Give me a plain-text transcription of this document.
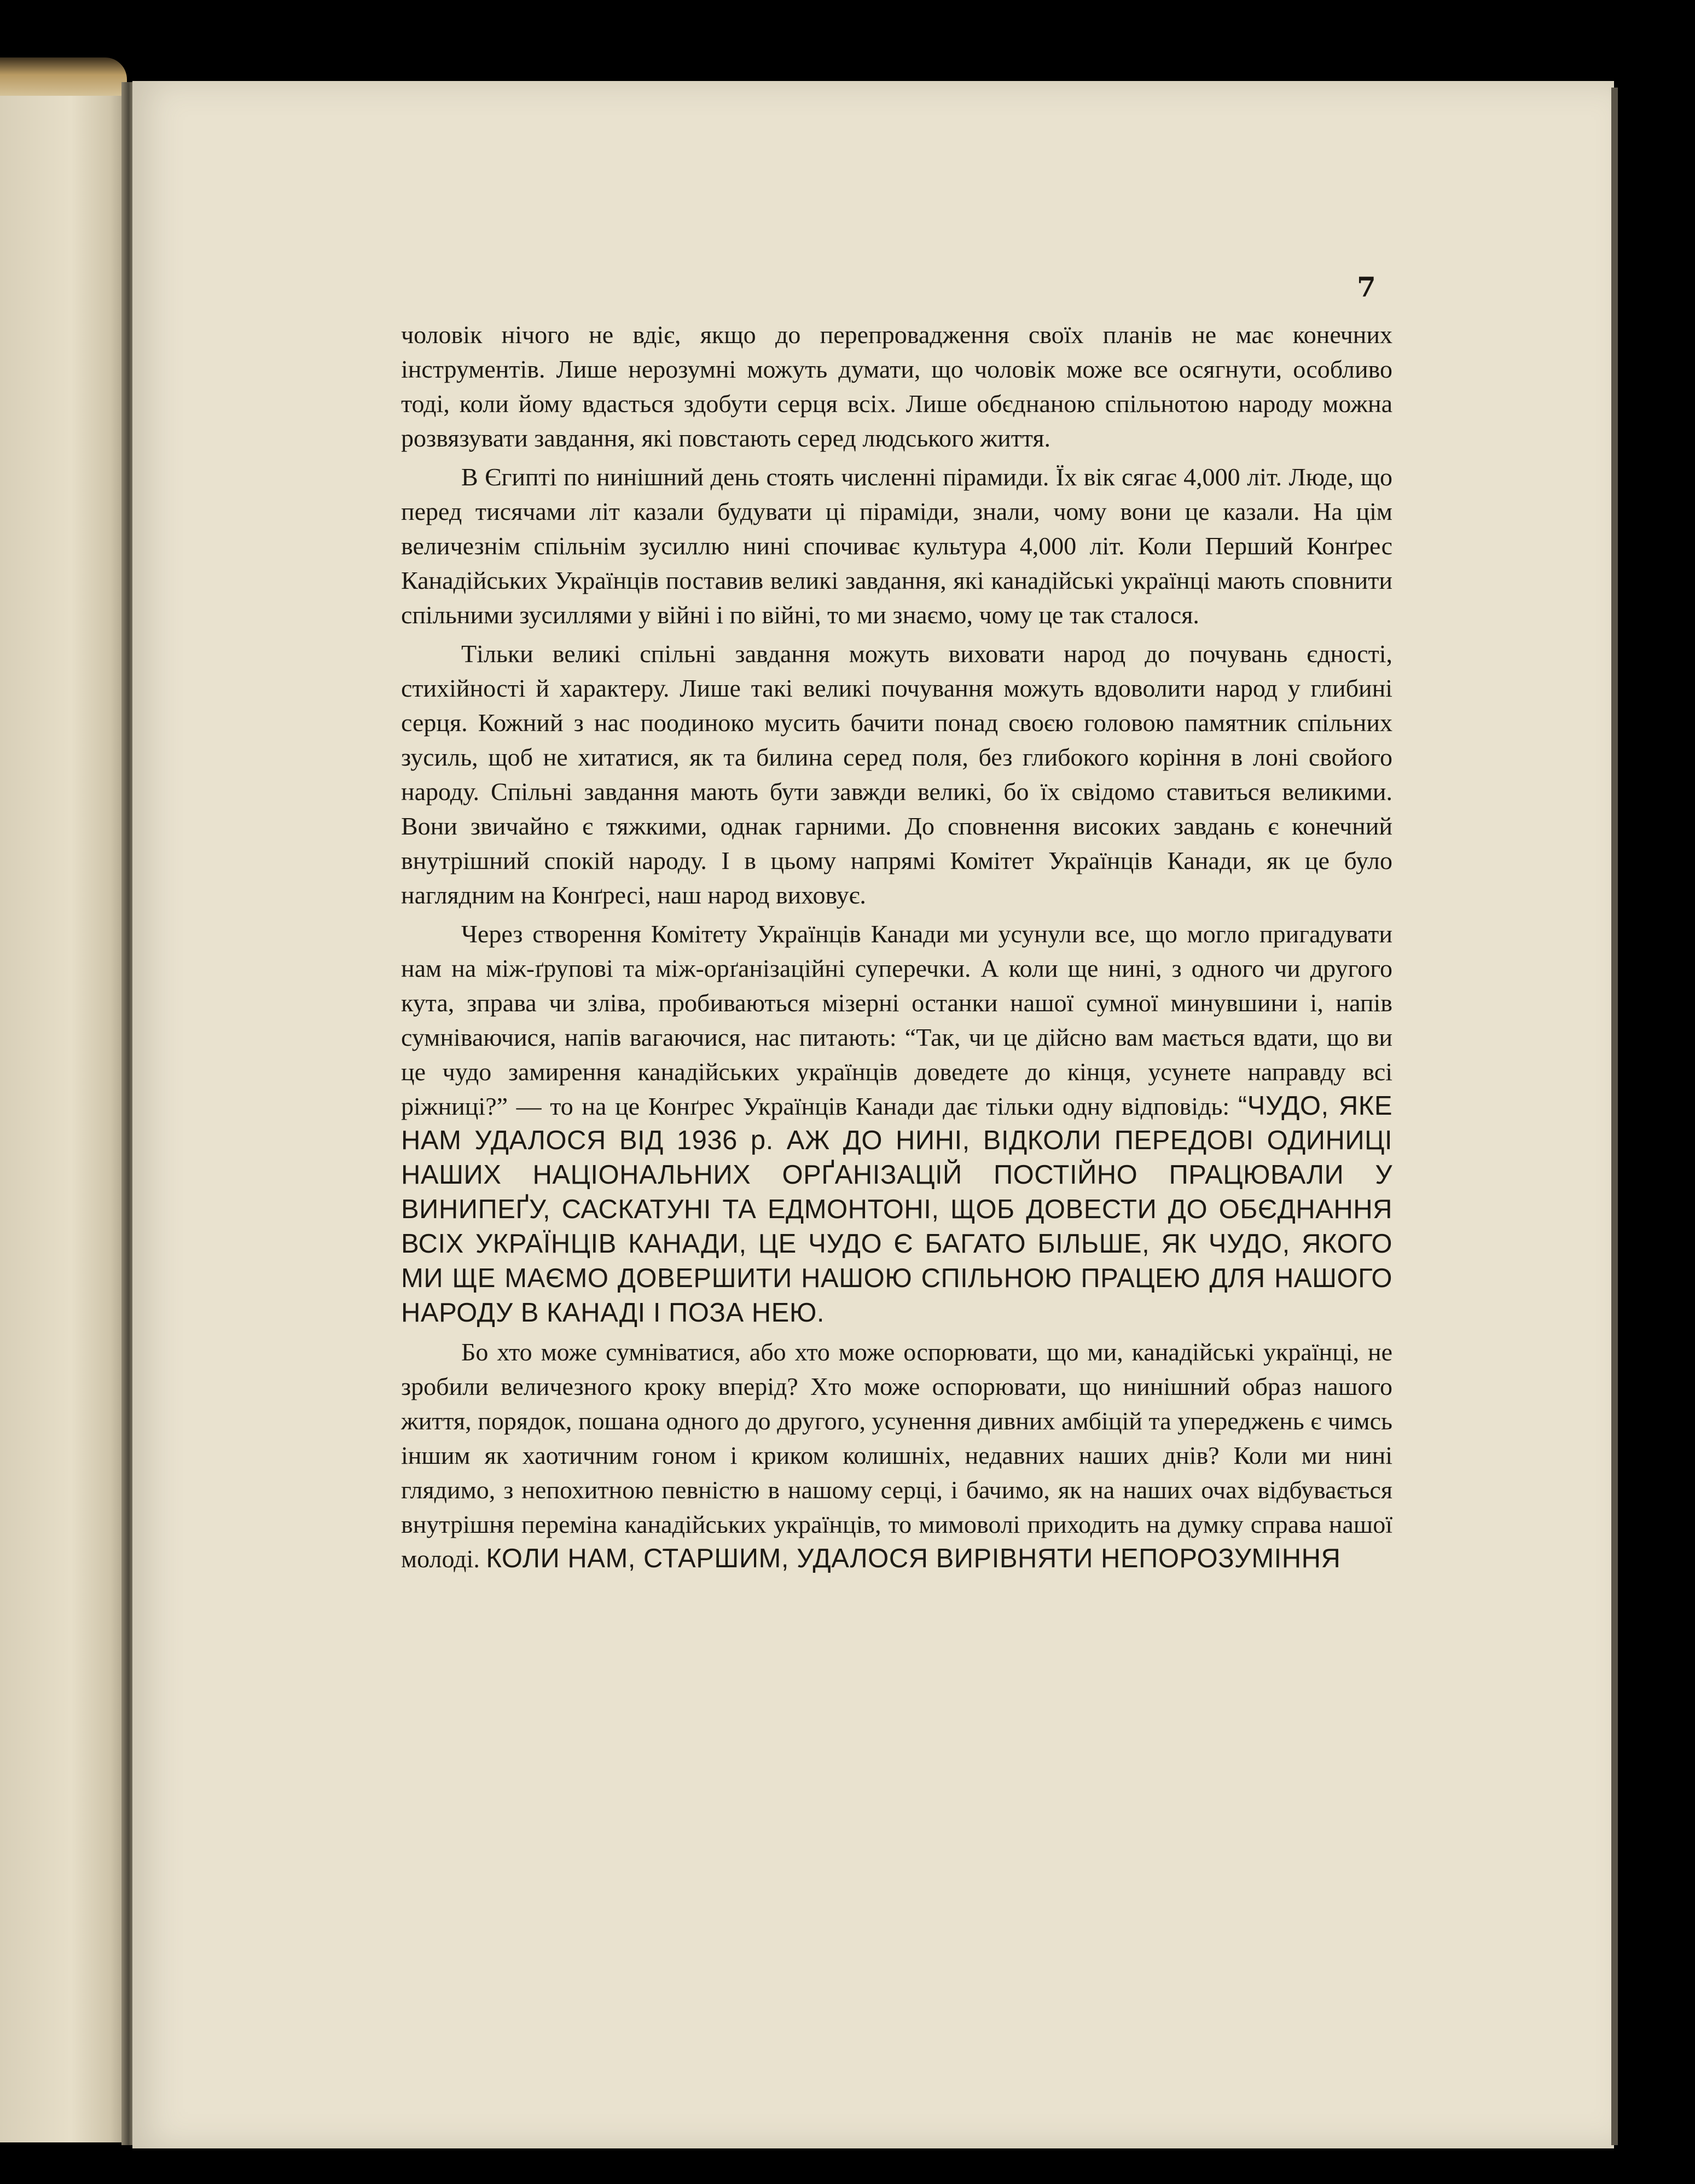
7

чоловік нічого не вдіє, якщо до перепровадження своїх планів не має конечних інструментів. Лише нерозумні можуть думати, що чоловік може все осягнути, особливо тоді, коли йому вдасться здобути серця всіх. Лише обєднаною спільнотою народу можна розвязувати завдання, які повстають серед людського життя.

В Єгипті по нинішний день стоять численні пірамиди. Їх вік сягає 4,000 літ. Люде, що перед тисячами літ казали будувати ці піраміди, знали, чому вони це казали. На цім величезнім спільнім зусиллю нині спочиває культура 4,000 літ. Коли Перший Конґрес Канадійських Українців поставив великі завдання, які канадійські українці мають сповнити спільними зусиллями у війні і по війні, то ми знаємо, чому це так сталося.

Тільки великі спільні завдання можуть виховати народ до почувань єдності, стихійності й характеру. Лише такі великі почування можуть вдоволити народ у глибині серця. Кожний з нас поодиноко мусить бачити понад своєю головою памятник спільних зусиль, щоб не хитатися, як та билина серед поля, без глибокого коріння в лоні свойого народу. Спільні завдання мають бути завжди великі, бо їх свідомо ставиться великими. Вони звичайно є тяжкими, однак гарними. До сповнення високих завдань є конечний внутрішний спокій народу. І в цьому напрямі Комітет Українців Канади, як це було наглядним на Конґресі, наш народ виховує.

Через створення Комітету Українців Канади ми усунули все, що могло пригадувати нам на між-ґрупові та між-орґанізаційні суперечки. А коли ще нині, з одного чи другого кута, зправа чи зліва, пробиваються мізерні останки нашої сумної минувшини і, напів сумніваючися, напів вагаючися, нас питають: “Так, чи це дійсно вам мається вдати, що ви це чудо замирення канадійських українців доведете до кінця, усунете направду всі ріжниці?” — то на це Конґрес Українців Канади дає тільки одну відповідь: “ЧУДО, ЯКЕ НАМ УДАЛОСЯ ВІД 1936 р. АЖ ДО НИНІ, ВІДКОЛИ ПЕРЕДОВІ ОДИНИЦІ НАШИХ НАЦІОНАЛЬНИХ ОРҐАНІЗАЦІЙ ПОСТІЙНО ПРАЦЮВАЛИ У ВИНИПЕҐУ, САСКАТУНІ ТА ЕДМОНТОНІ, ЩОБ ДОВЕСТИ ДО ОБЄДНАННЯ ВСІХ УКРАЇНЦІВ КАНАДИ, ЦЕ ЧУДО Є БАГАТО БІЛЬШЕ, ЯК ЧУДО, ЯКОГО МИ ЩЕ МАЄМО ДОВЕРШИТИ НАШОЮ СПІЛЬНОЮ ПРАЦЕЮ ДЛЯ НАШОГО НАРОДУ В КАНАДІ І ПОЗА НЕЮ.

Бо хто може сумніватися, або хто може оспорювати, що ми, канадійські українці, не зробили величезного кроку вперід? Хто може оспорювати, що нинішний образ нашого життя, порядок, пошана одного до другого, усунення дивних амбіцій та упереджень є чимсь іншим як хаотичним гоном і криком колишніх, недавних наших днів? Коли ми нині глядимо, з непохитною певністю в нашому серці, і бачимо, як на наших очах відбувається внутрішня переміна канадійських українців, то мимоволі приходить на думку справа нашої молоді. КОЛИ НАМ, СТАРШИМ, УДАЛОСЯ ВИРІВНЯТИ НЕПОРОЗУМІННЯ
